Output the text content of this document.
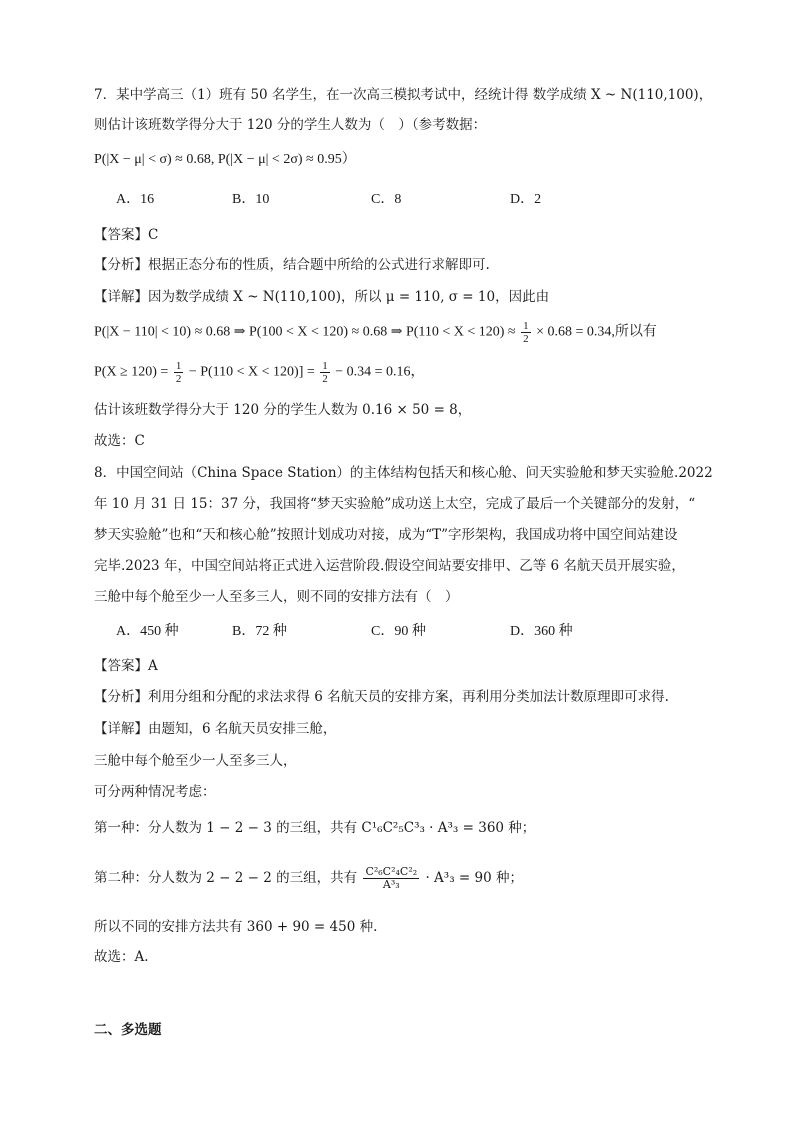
7．某中学高三（1）班有 50 名学生，在一次高三模拟考试中，经统计得 数学成绩 X ~ N(110,100)，
则估计该班数学得分大于 120 分的学生人数为（　）（参考数据：
P(|X − μ| < σ) ≈ 0.68, P(|X − μ| < 2σ) ≈ 0.95）
A．16	B．10	C．8	D．2
【答案】C
【分析】根据正态分布的性质，结合题中所给的公式进行求解即可.
【详解】因为数学成绩 X ~ N(110,100)，所以 μ = 110, σ = 10，因此由
P(|X − 110| < 10) ≈ 0.68 ⇒ P(100 < X < 120) ≈ 0.68 ⇒ $P(110 < X < 120) \approx \frac{1}{2} \times 0.68 = 0.34$,所以有
$P(X \ge 120) = \frac{1}{2} - P(110 < X < 120)] = \frac{1}{2} - 0.34 = 0.16$，
估计该班数学得分大于 120 分的学生人数为 0.16 × 50 = 8，
故选：C
8．中国空间站（China Space Station）的主体结构包括天和核心舱、问天实验舱和梦天实验舱.2022
年 10 月 31 日 15：37 分，我国将“梦天实验舱”成功送上太空，完成了最后一个关键部分的发射，“
梦天实验舱”也和“天和核心舱”按照计划成功对接，成为“T”字形架构，我国成功将中国空间站建设
完毕.2023 年，中国空间站将正式进入运营阶段.假设空间站要安排甲、乙等 6 名航天员开展实验，
三舱中每个舱至少一人至多三人，则不同的安排方法有（　）
A．450 种	B．72 种	C．90 种	D．360 种
【答案】A
【分析】利用分组和分配的求法求得 6 名航天员的安排方案，再利用分类加法计数原理即可求得.
【详解】由题知，6 名航天员安排三舱，
三舱中每个舱至少一人至多三人，
可分两种情况考虑：
第一种：分人数为 1 − 2 − 3 的三组，共有 C¹₆C²₅C³₃ · A³₃ = 360 种；
第二种：分人数为 2 − 2 − 2 的三组，共有 $\frac{\text{C²₆C²₄C²₂}}{\text{A³₃}} \cdot A^3_3 = 90$ 种；
所以不同的安排方法共有 360 + 90 = 450 种.
故选：A.
二、多选题
